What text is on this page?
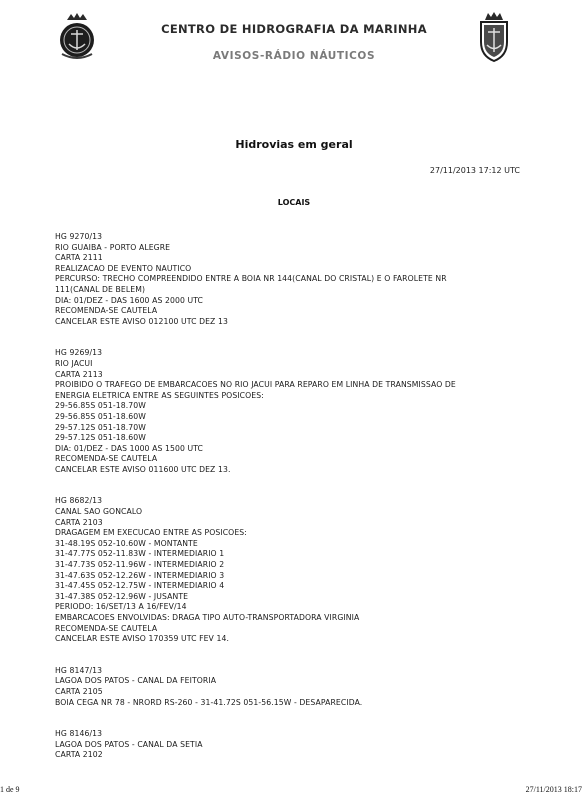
CENTRO DE HIDROGRAFIA DA MARINHA
AVISOS-RÁDIO NÁUTICOS
Hidrovias em geral
27/11/2013 17:12 UTC
LOCAIS
HG 9270/13
RIO GUAIBA - PORTO ALEGRE
CARTA 2111
REALIZACAO DE EVENTO NAUTICO
PERCURSO: TRECHO COMPREENDIDO ENTRE A BOIA NR 144(CANAL DO CRISTAL) E O FAROLETE NR
111(CANAL DE BELEM)
DIA: 01/DEZ - DAS 1600 AS 2000 UTC
RECOMENDA-SE CAUTELA
CANCELAR ESTE AVISO 012100 UTC DEZ 13
HG 9269/13
RIO JACUI
CARTA 2113
PROIBIDO O TRAFEGO DE EMBARCACOES NO RIO JACUI PARA REPARO EM LINHA DE TRANSMISSAO DE
ENERGIA ELETRICA ENTRE AS SEGUINTES POSICOES:
29-56.85S 051-18.70W
29-56.85S 051-18.60W
29-57.12S 051-18.70W
29-57.12S 051-18.60W
DIA: 01/DEZ - DAS 1000 AS 1500 UTC
RECOMENDA-SE CAUTELA
CANCELAR ESTE AVISO 011600 UTC DEZ 13.
HG 8682/13
CANAL SAO GONCALO
CARTA 2103
DRAGAGEM EM EXECUCAO ENTRE AS POSICOES:
31-48.19S 052-10.60W - MONTANTE
31-47.77S 052-11.83W - INTERMEDIARIO 1
31-47.73S 052-11.96W - INTERMEDIARIO 2
31-47.63S 052-12.26W - INTERMEDIARIO 3
31-47.45S 052-12.75W - INTERMEDIARIO 4
31-47.38S 052-12.96W - JUSANTE
PERIODO: 16/SET/13 A 16/FEV/14
EMBARCACOES ENVOLVIDAS: DRAGA TIPO AUTO-TRANSPORTADORA VIRGINIA
RECOMENDA-SE CAUTELA
CANCELAR ESTE AVISO 170359 UTC FEV 14.
HG 8147/13
LAGOA DOS PATOS - CANAL DA FEITORIA
CARTA 2105
BOIA CEGA NR 78 - NRORD RS-260 - 31-41.72S 051-56.15W - DESAPARECIDA.
HG 8146/13
LAGOA DOS PATOS - CANAL DA SETIA
CARTA 2102
1 de 9	27/11/2013 18:17
